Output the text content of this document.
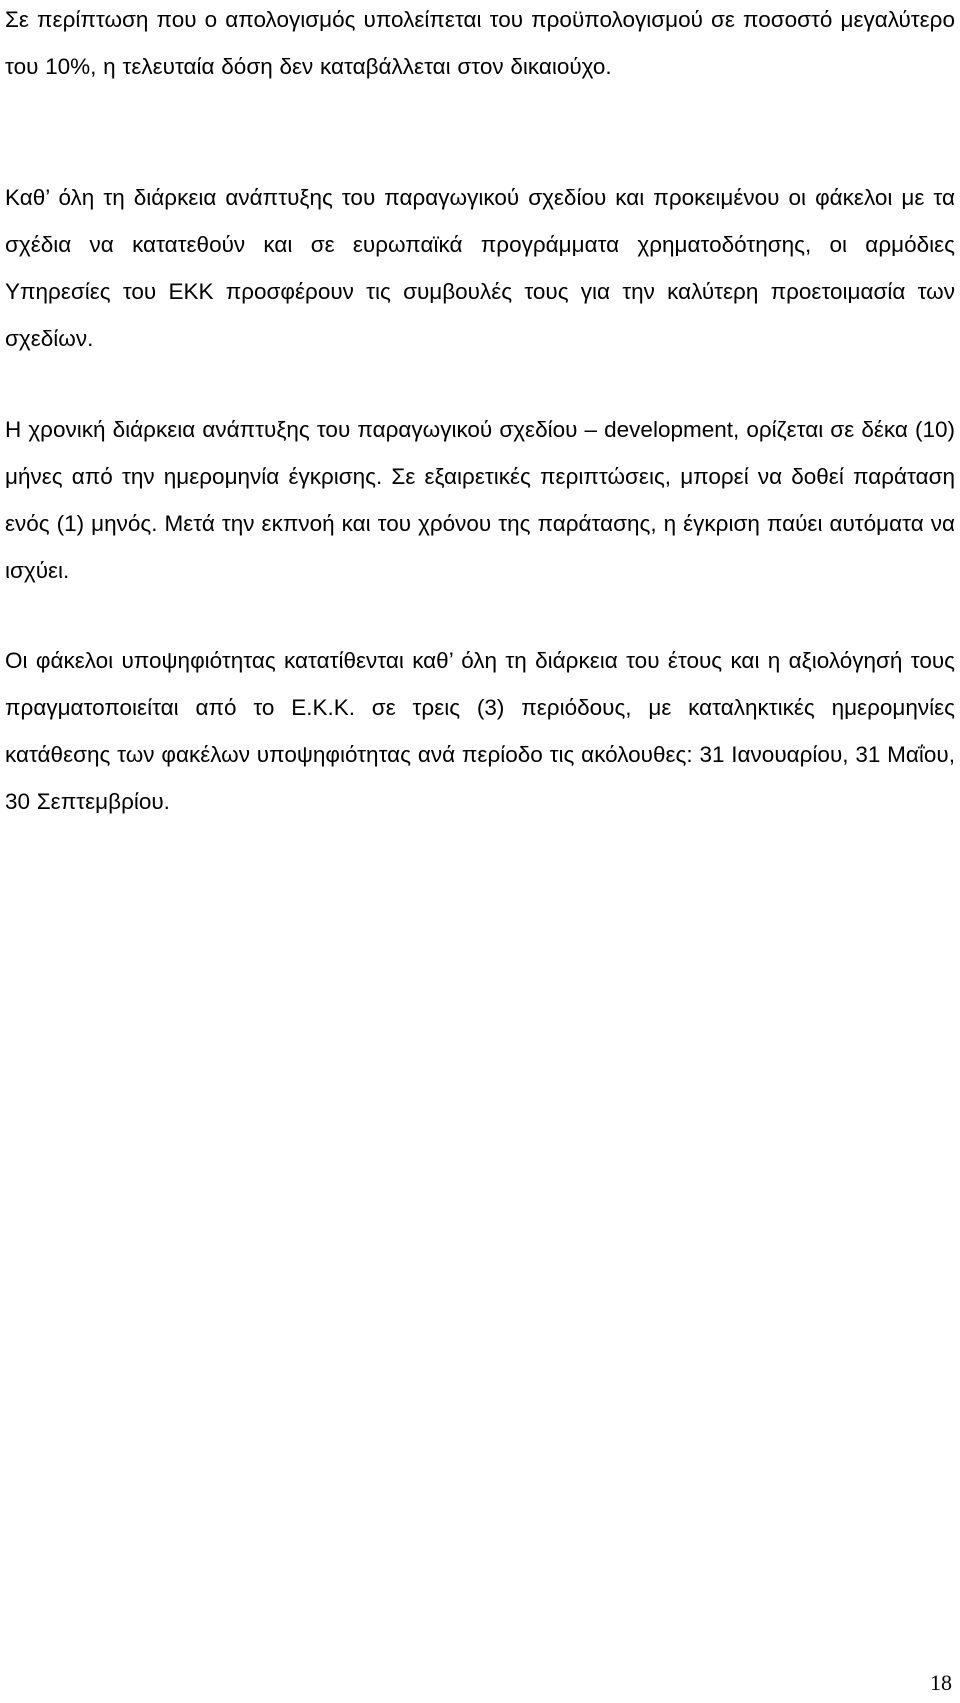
Σε περίπτωση που ο απολογισμός υπολείπεται του προϋπολογισμού σε ποσοστό μεγαλύτερο του 10%, η τελευταία δόση δεν καταβάλλεται στον δικαιούχο.

Καθ’ όλη τη διάρκεια ανάπτυξης του παραγωγικού σχεδίου και προκειμένου οι φάκελοι με τα σχέδια να κατατεθούν και σε ευρωπαϊκά προγράμματα χρηματοδότησης, οι αρμόδιες Υπηρεσίες του ΕΚΚ προσφέρουν τις συμβουλές τους για την καλύτερη προετοιμασία των σχεδίων.

Η χρονική διάρκεια ανάπτυξης του παραγωγικού σχεδίου – development, ορίζεται σε δέκα (10) μήνες από την ημερομηνία έγκρισης. Σε εξαιρετικές περιπτώσεις, μπορεί να δοθεί παράταση ενός (1) μηνός. Μετά την εκπνοή και του χρόνου της παράτασης, η έγκριση παύει αυτόματα να ισχύει.

Οι φάκελοι υποψηφιότητας κατατίθενται καθ’ όλη τη διάρκεια του έτους και η αξιολόγησή τους πραγματοποιείται από το Ε.Κ.Κ. σε τρεις (3) περιόδους, με καταληκτικές ημερομηνίες κατάθεσης των φακέλων υποψηφιότητας ανά περίοδο τις ακόλουθες: 31 Ιανουαρίου, 31 Μαΐου, 30 Σεπτεμβρίου.

18
